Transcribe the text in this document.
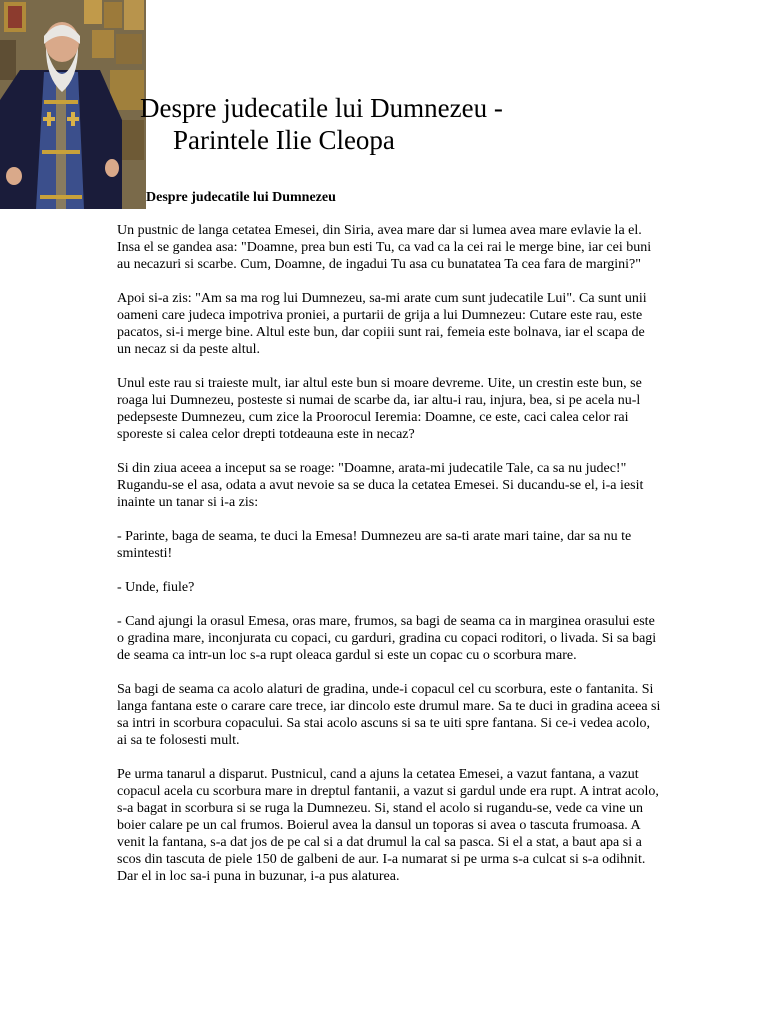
Despre judecatile lui Dumnezeu -
Parintele Ilie Cleopa
Despre judecatile lui Dumnezeu

Un pustnic de langa cetatea Emesei, din Siria, avea mare dar si lumea avea mare evlavie la el. Insa el se gandea asa: "Doamne, prea bun esti Tu, ca vad ca la cei rai le merge bine, iar cei buni au necazuri si scarbe. Cum, Doamne, de ingadui Tu asa cu bunatatea Ta cea fara de margini?"

Apoi si-a zis: "Am sa ma rog lui Dumnezeu, sa-mi arate cum sunt judecatile Lui". Ca sunt unii oameni care judeca impotriva proniei, a purtarii de grija a lui Dumnezeu: Cutare este rau, este pacatos, si-i merge bine. Altul este bun, dar copiii sunt rai, femeia este bolnava, iar el scapa de un necaz si da peste altul.

Unul este rau si traieste mult, iar altul este bun si moare devreme. Uite, un crestin este bun, se roaga lui Dumnezeu, posteste si numai de scarbe da, iar altu-i rau, injura, bea, si pe acela nu-l pedepseste Dumnezeu, cum zice la Proorocul Ieremia: Doamne, ce este, caci calea celor rai sporeste si calea celor drepti totdeauna este in necaz?

Si din ziua aceea a inceput sa se roage: "Doamne, arata-mi judecatile Tale, ca sa nu judec!" Rugandu-se el asa, odata a avut nevoie sa se duca la cetatea Emesei. Si ducandu-se el, i-a iesit inainte un tanar si i-a zis:

- Parinte, baga de seama, te duci la Emesa! Dumnezeu are sa-ti arate mari taine, dar sa nu te smintesti!

- Unde, fiule?

- Cand ajungi la orasul Emesa, oras mare, frumos, sa bagi de seama ca in marginea orasului este o gradina mare, inconjurata cu copaci, cu garduri, gradina cu copaci roditori, o livada. Si sa bagi de seama ca intr-un loc s-a rupt oleaca gardul si este un copac cu o scorbura mare.

Sa bagi de seama ca acolo alaturi de gradina, unde-i copacul cel cu scorbura, este o fantanita. Si langa fantana este o carare care trece, iar dincolo este drumul mare. Sa te duci in gradina aceea si sa intri in scorbura copacului. Sa stai acolo ascuns si sa te uiti spre fantana. Si ce-i vedea acolo, ai sa te folosesti mult.

Pe urma tanarul a disparut. Pustnicul, cand a ajuns la cetatea Emesei, a vazut fantana, a vazut copacul acela cu scorbura mare in dreptul fantanii, a vazut si gardul unde era rupt. A intrat acolo, s-a bagat in scorbura si se ruga la Dumnezeu. Si, stand el acolo si rugandu-se, vede ca vine un boier calare pe un cal frumos. Boierul avea la dansul un toporas si avea o tascuta frumoasa. A venit la fantana, s-a dat jos de pe cal si a dat drumul la cal sa pasca. Si el a stat, a baut apa si a scos din tascuta de piele 150 de galbeni de aur. I-a numarat si pe urma s-a culcat si s-a odihnit. Dar el in loc sa-i puna in buzunar, i-a pus alaturea.
